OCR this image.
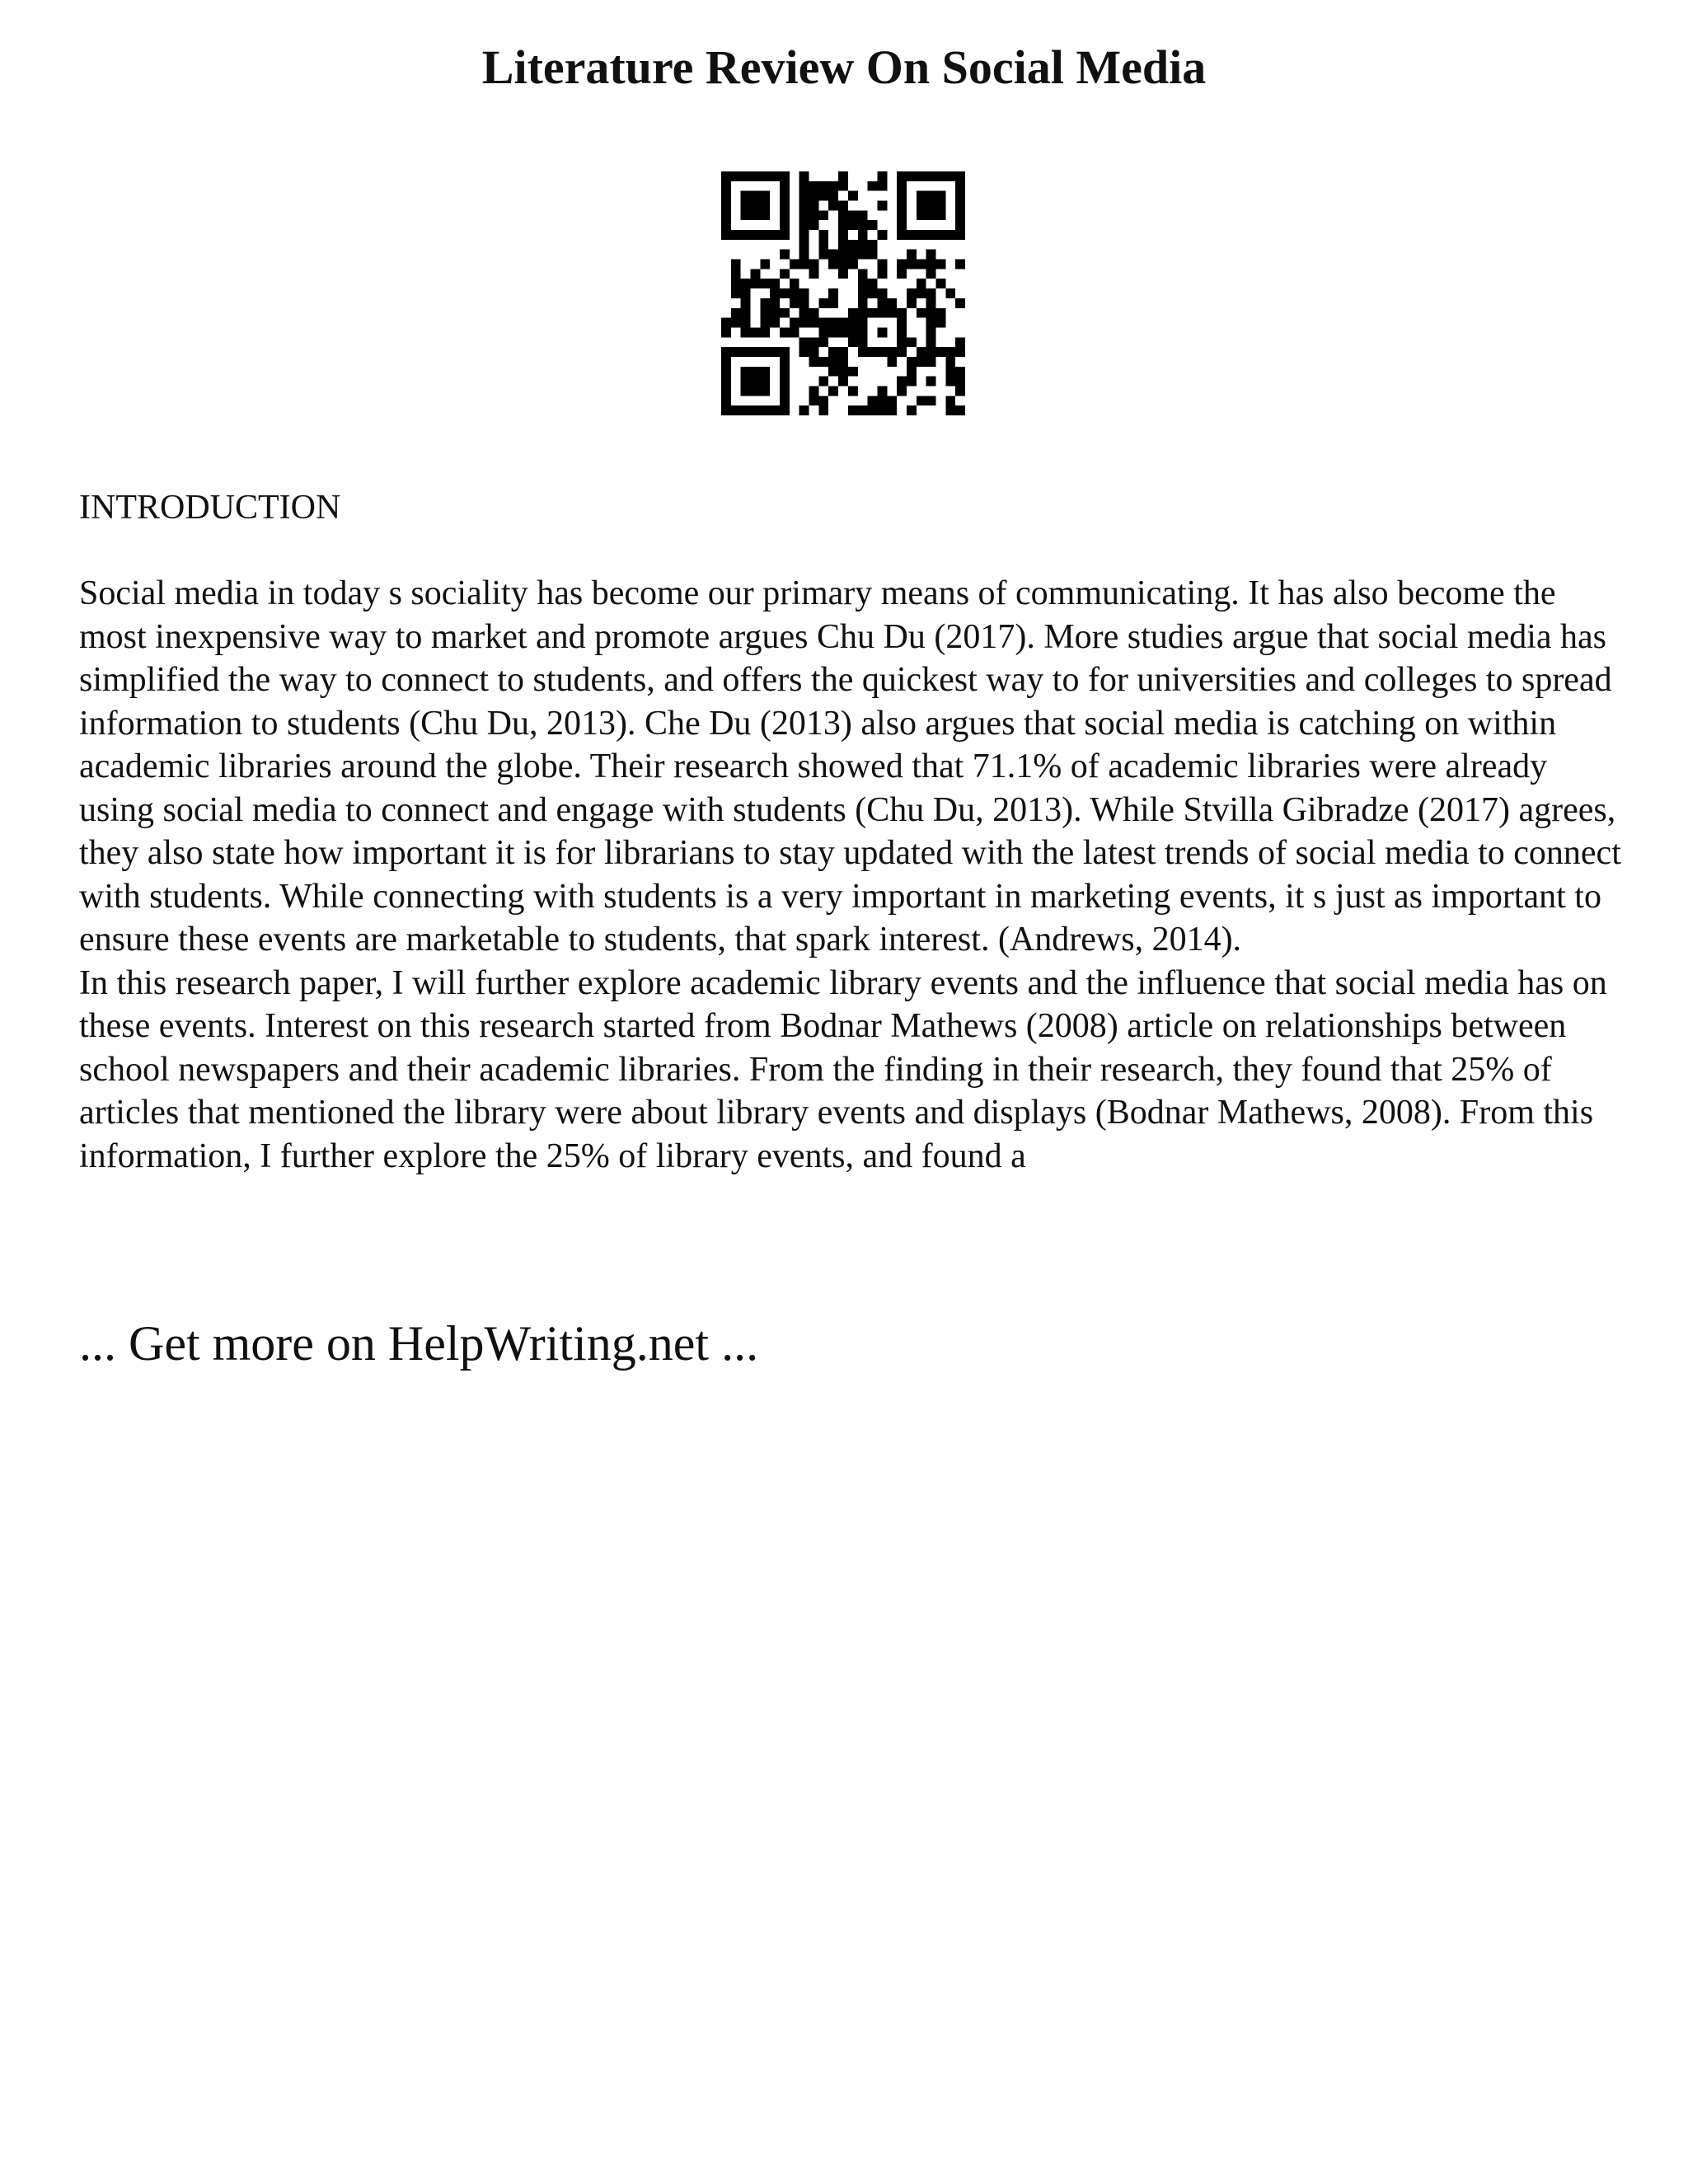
Literature Review On Social Media
INTRODUCTION

Social media in today s sociality has become our primary means of communicating. It has also become the most inexpensive way to market and promote argues Chu Du (2017). More studies argue that social media has simplified the way to connect to students, and offers the quickest way to for universities and colleges to spread information to students (Chu Du, 2013). Che Du (2013) also argues that social media is catching on within academic libraries around the globe. Their research showed that 71.1% of academic libraries were already using social media to connect and engage with students (Chu Du, 2013). While Stvilla Gibradze (2017) agrees, they also state how important it is for librarians to stay updated with the latest trends of social media to connect with students. While connecting with students is a very important in marketing events, it s just as important to ensure these events are marketable to students, that spark interest. (Andrews, 2014).

In this research paper, I will further explore academic library events and the influence that social media has on these events. Interest on this research started from Bodnar Mathews (2008) article on relationships between school newspapers and their academic libraries. From the finding in their research, they found that 25% of articles that mentioned the library were about library events and displays (Bodnar Mathews, 2008). From this information, I further explore the 25% of library events, and found a

... Get more on HelpWriting.net ...
